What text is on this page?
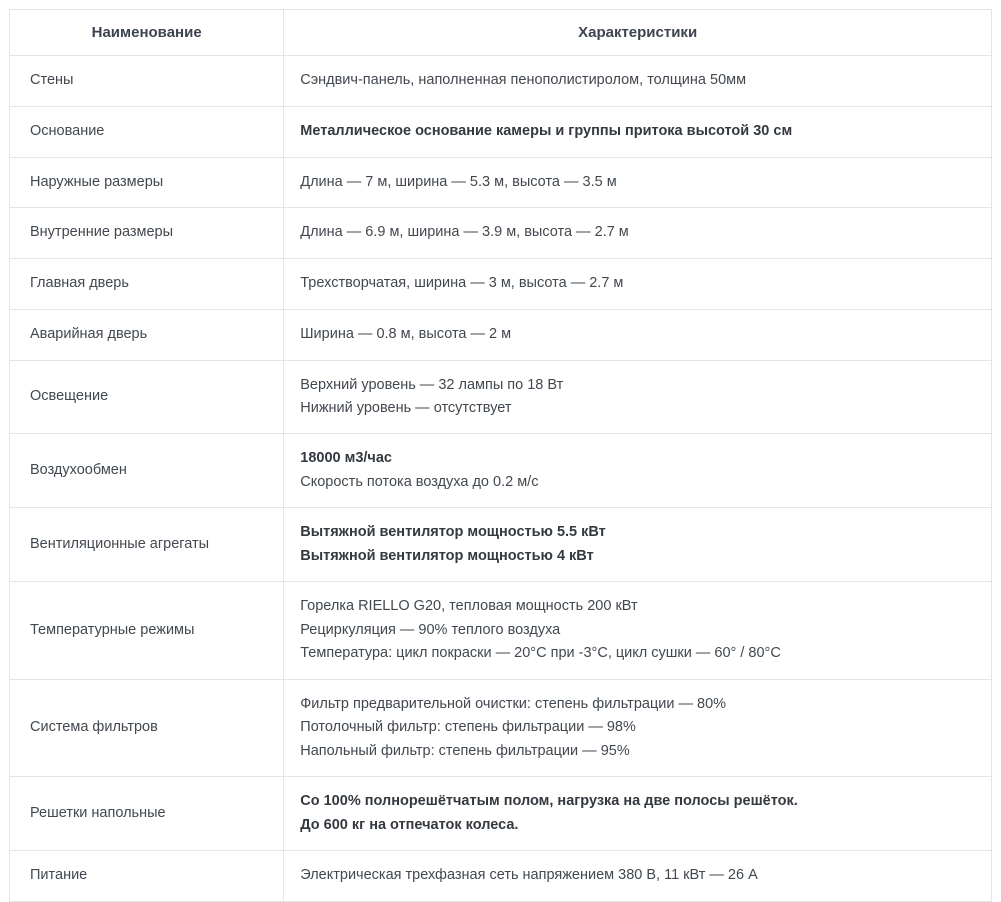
Наименование	Характеристики
Стены	Сэндвич-панель, наполненная пенополистиролом, толщина 50мм

Основание	Металлическое основание камеры и группы притока высотой 30 см

Наружные размеры	Длина — 7 м, ширина — 5.3 м, высота — 3.5 м

Внутренние размеры	Длина — 6.9 м, ширина — 3.9 м, высота — 2.7 м

Главная дверь	Трехстворчатая, ширина — 3 м, высота — 2.7 м

Аварийная дверь	Ширина — 0.8 м, высота — 2 м

Освещение	Верхний уровень — 32 лампы по 18 Вт
Нижний уровень — отсутствует

Воздухообмен	18000 м3/час
Скорость потока воздуха до 0.2 м/с

Вентиляционные агрегаты	Вытяжной вентилятор мощностью 5.5 кВт
Вытяжной вентилятор мощностью 4 кВт

Температурные режимы	Горелка RIELLO G20, тепловая мощность 200 кВт
Рециркуляция — 90% теплого воздуха
Температура: цикл покраски — 20°С при -3°С, цикл сушки — 60° / 80°С

Система фильтров	Фильтр предварительной очистки: степень фильтрации — 80%
Потолочный фильтр: степень фильтрации — 98%
Напольный фильтр: степень фильтрации — 95%

Решетки напольные	Со 100% полнорешётчатым полом, нагрузка на две полосы решёток.
До 600 кг на отпечаток колеса.

Питание	Электрическая трехфазная сеть напряжением 380 В, 11 кВт — 26 А
